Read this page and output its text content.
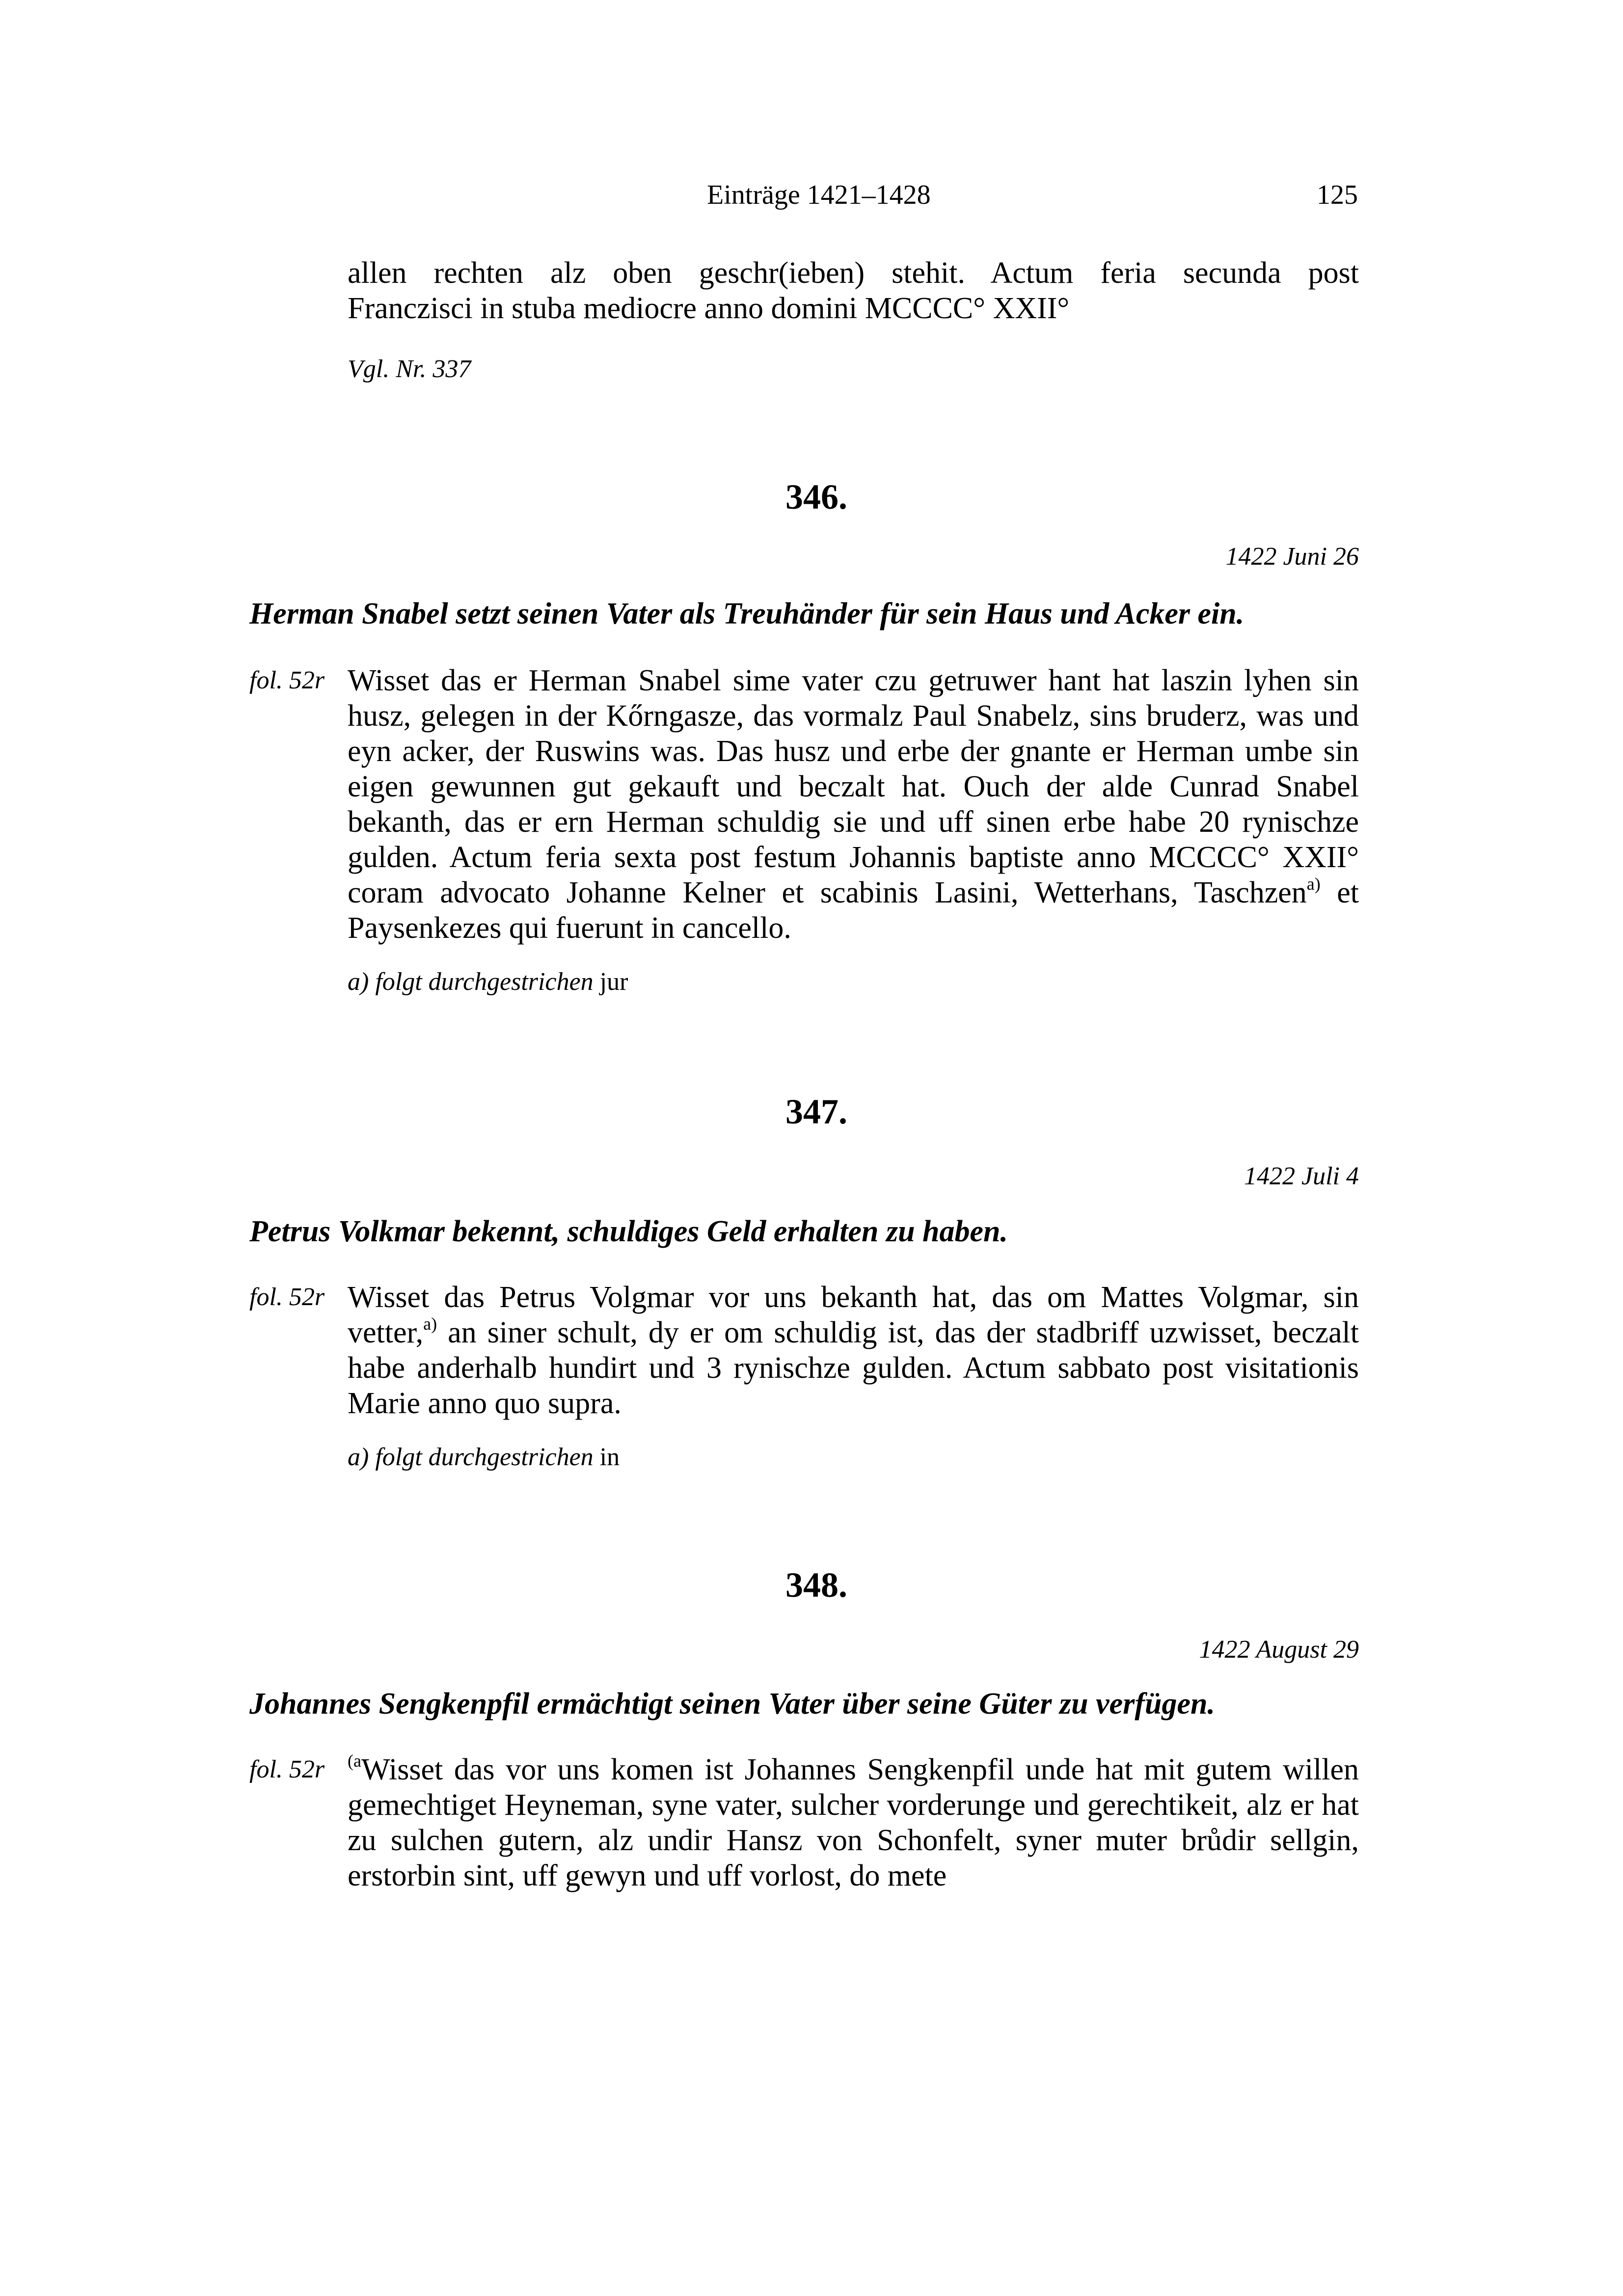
Einträge 1421–1428	125

allen rechten alz oben geschr(ieben) stehit. Actum feria secunda post

Franczisci in stuba mediocre anno domini MCCCC° XXII°

Vgl. Nr. 337
346.
1422 Juni 26
Herman Snabel setzt seinen Vater als Treuhänder für sein Haus und Acker ein.
fol. 52r Wisset das er Herman Snabel sime vater czu getruwer hant hat laszin lyhen sin husz, gelegen in der Kőrngasze, das vormalz Paul Snabelz, sins bruderz, was und eyn acker, der Ruswins was. Das husz und erbe der gnante er Herman umbe sin eigen gewunnen gut gekauft und beczalt hat. Ouch der alde Cunrad Snabel bekanth, das er ern Herman schuldig sie und uff sinen erbe habe 20 rynischze gulden. Actum feria sexta post festum Johannis baptiste anno MCCCC° XXII° coram advocato Johanne Kelner et scabinis Lasini, Wetterhans, Taschzen$^{a)}$ et Paysenkezes qui fuerunt in cancello.

a) folgt durchgestrichen jur
347.
1422 Juli 4
Petrus Volkmar bekennt, schuldiges Geld erhalten zu haben.
fol. 52r Wisset das Petrus Volgmar vor uns bekanth hat, das om Mattes Volgmar, sin vetter,$^{a)}$ an siner schult, dy er om schuldig ist, das der stadbriff uzwisset, beczalt habe anderhalb hundirt und 3 rynischze gulden. Actum sabbato post visitationis Marie anno quo supra.

a) folgt durchgestrichen in
348.
1422 August 29
Johannes Sengkenpfil ermächtigt seinen Vater über seine Güter zu verfügen.
fol. 52r $^{(a}$Wisset das vor uns komen ist Johannes Sengkenpfil unde hat mit gutem willen gemechtiget Heyneman, syne vater, sulcher vorderunge und gerechtikeit, alz er hat zu sulchen gutern, alz undir Hansz von Schonfelt, syner muter brůdir sellgin, erstorbin sint, uff gewyn und uff vorlost, do mete
